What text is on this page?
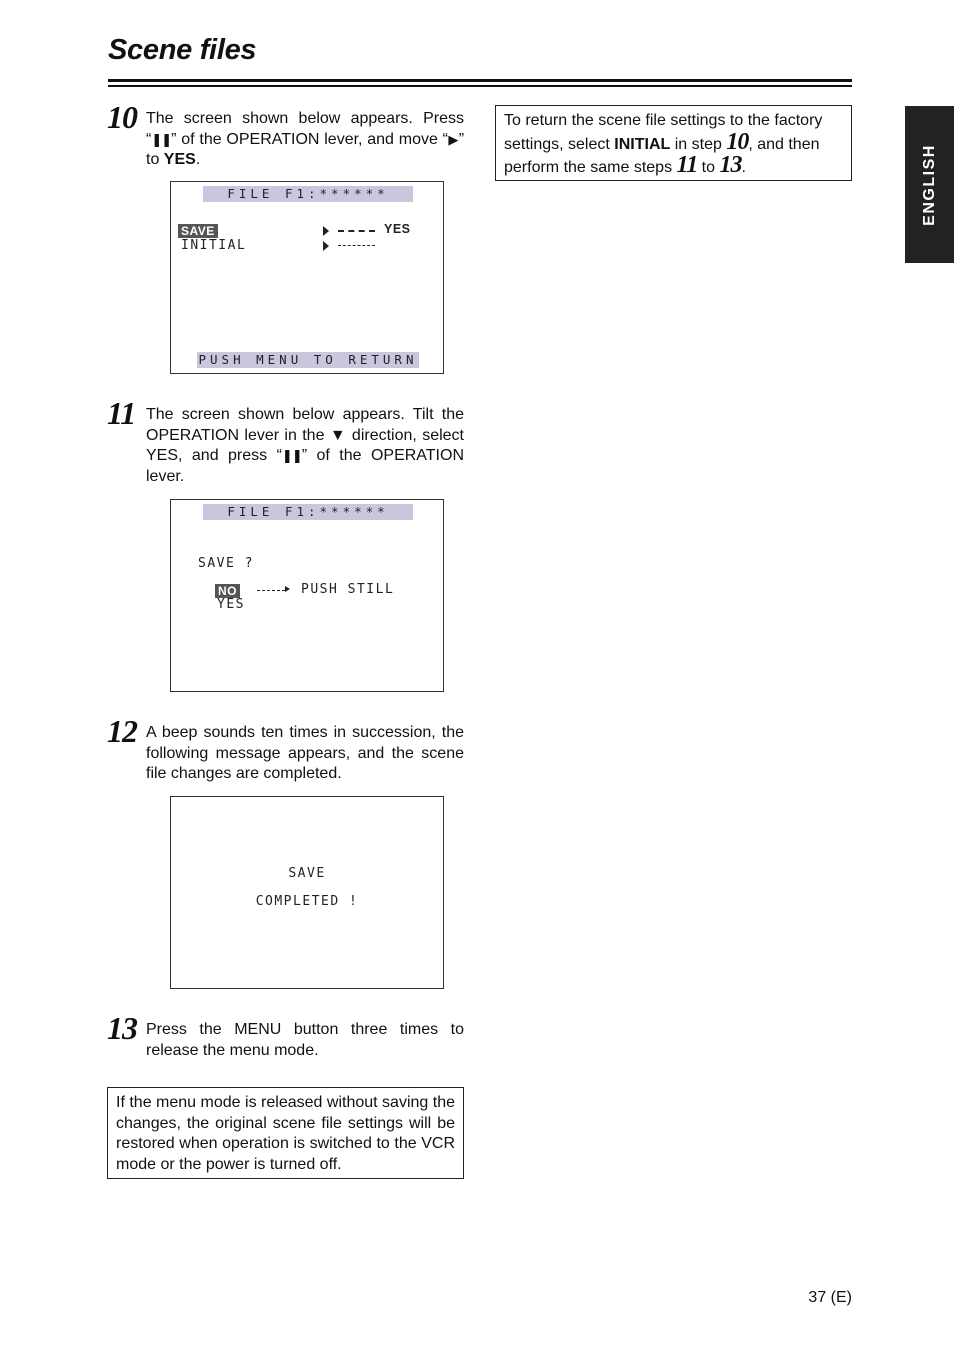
Scene files
ENGLISH
10 The screen shown below appears. Press “❚❚” of the OPERATION lever, and move “▶” to YES.

FILE F1:******
SAVE
INITIAL
YES
PUSH MENU TO RETURN
11 The screen shown below appears. Tilt the OPERATION lever in the ▼ direction, select YES, and press “❚❚” of the OPERATION lever.

FILE F1:******
SAVE ?
NO
YES
PUSH STILL
12 A beep sounds ten times in succession, the following message appears, and the scene file changes are completed.

SAVE
COMPLETED !
13 Press the MENU button three times to release the menu mode.

If the menu mode is released without saving the changes, the original scene file settings will be restored when operation is switched to the VCR mode or the power is turned off.

To return the scene file settings to the factory settings, select INITIAL in step 10, and then perform the same steps 11 to 13.

37 (E)
